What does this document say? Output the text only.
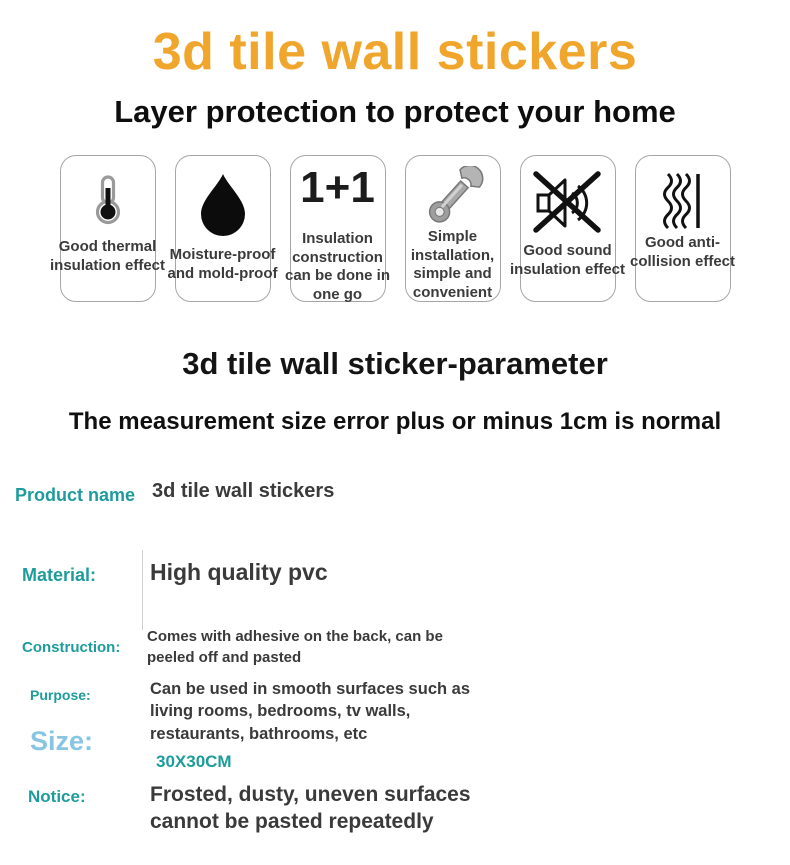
3d tile wall stickers
Layer protection to protect your home
Good thermal insulation effect
Moisture-proof and mold-proof
1+1
Insulation construction can be done in one go
Simple installation, simple and convenient
Good sound insulation effect
Good anti-collision effect
3d tile wall sticker-parameter
The measurement size error plus or minus 1cm is normal
Product name 3d tile wall stickers
Material: High quality pvc
Construction:
Comes with adhesive on the back, can be peeled off and pasted
Purpose:	Can be used in smooth surfaces such as living rooms, bedrooms, tv walls, restaurants, bathrooms, etc
Size:
30X30CM
Notice:	Frosted, dusty, uneven surfaces cannot be pasted repeatedly
